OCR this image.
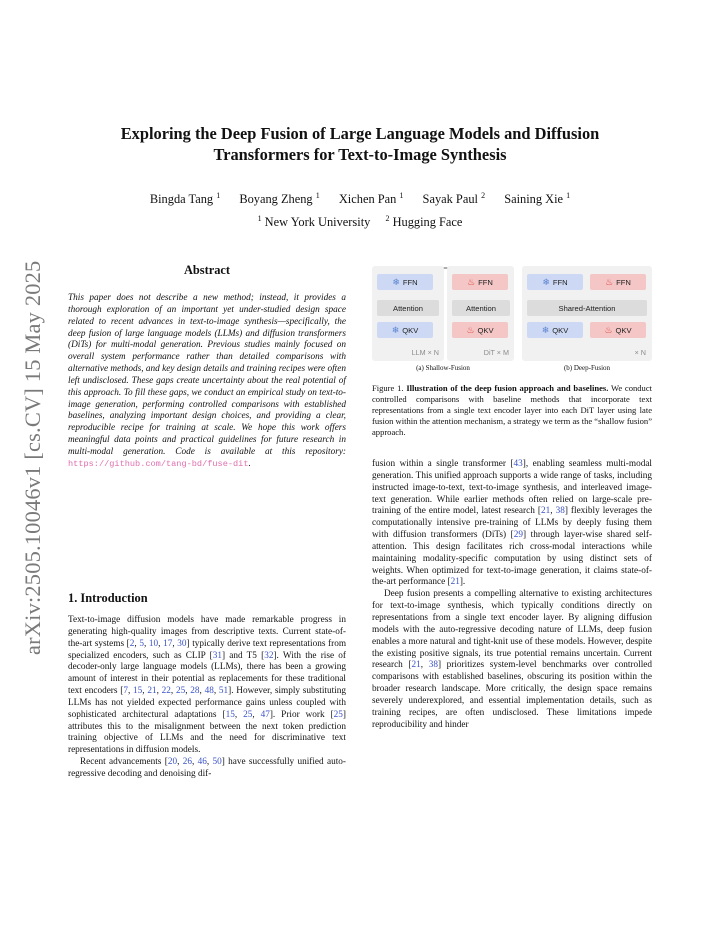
arXiv:2505.10046v1 [cs.CV] 15 May 2025
Exploring the Deep Fusion of Large Language Models and Diffusion Transformers for Text-to-Image Synthesis
Bingda Tang $^1$ Boyang Zheng $^1$ Xichen Pan $^1$ Sayak Paul $^2$ Saining Xie $^1$
$^1$ New York University $^2$ Hugging Face
Abstract
This paper does not describe a new method; instead, it provides a thorough exploration of an important yet under-studied design space related to recent advances in text-to-image synthesis—specifically, the deep fusion of large language models (LLMs) and diffusion transformers (DiTs) for multi-modal generation. Previous studies mainly focused on overall system performance rather than detailed comparisons with alternative methods, and key design details and training recipes were often left undisclosed. These gaps create uncertainty about the real potential of this approach. To fill these gaps, we conduct an empirical study on text-to-image generation, performing controlled comparisons with established baselines, analyzing important design choices, and providing a clear, reproducible recipe for training at scale. We hope this work offers meaningful data points and practical guidelines for future research in multi-modal generation. Code is available at this repository: https://github.com/tang-bd/fuse-dit.
❄ FFN
Attention
❄ QKV
LLM × N
♨ FFN
Attention
♨ QKV
DiT × M
❄ FFN	♨ FFN
Shared-Attention
❄ QKV	♨ QKV
× N
(a) Shallow-Fusion	(b) Deep-Fusion
Figure 1. Illustration of the deep fusion approach and baselines. We conduct controlled comparisons with baseline methods that incorporate text representations from a single text encoder layer into each DiT layer using late fusion within the attention mechanism, a strategy we term as the “shallow fusion” approach.
1. Introduction

Text-to-image diffusion models have made remarkable progress in generating high-quality images from descriptive texts. Current state-of-the-art systems [2, 5, 10, 17, 30] typically derive text representations from specialized encoders, such as CLIP [31] and T5 [32]. With the rise of decoder-only large language models (LLMs), there has been a growing amount of interest in their potential as replacements for these traditional text encoders [7, 15, 21, 22, 25, 28, 48, 51]. However, simply substituting LLMs has not yielded expected performance gains unless coupled with sophisticated architectural adaptations [15, 25, 47]. Prior work [25] attributes this to the misalignment between the next token prediction training objective of LLMs and the need for discriminative text representations in diffusion models.

Recent advancements [20, 26, 46, 50] have successfully unified auto-regressive decoding and denoising dif-

fusion within a single transformer [43], enabling seamless multi-modal generation. This unified approach supports a wide range of tasks, including instructed image-to-text, text-to-image synthesis, and interleaved image-text generation. While earlier methods often relied on large-scale pre-training of the entire model, latest research [21, 38] flexibly leverages the computationally intensive pre-training of LLMs by deeply fusing them with diffusion transformers (DiTs) [29] through layer-wise shared self-attention. This design facilitates rich cross-modal interactions while maintaining modality-specific computation by using distinct sets of weights. When optimized for text-to-image generation, it claims state-of-the-art performance [21].

Deep fusion presents a compelling alternative to existing architectures for text-to-image synthesis, which typically conditions directly on representations from a single text encoder layer. By aligning diffusion models with the auto-regressive decoding nature of LLMs, deep fusion enables a more natural and tight-knit use of these models. However, despite the existing positive signals, its true potential remains uncertain. Current research [21, 38] prioritizes system-level benchmarks over controlled comparisons with established baselines, obscuring its position within the broader research landscape. More critically, the design space remains severely underexplored, and essential implementation details, such as training recipes, are often undisclosed. These limitations impede reproducibility and hinder
